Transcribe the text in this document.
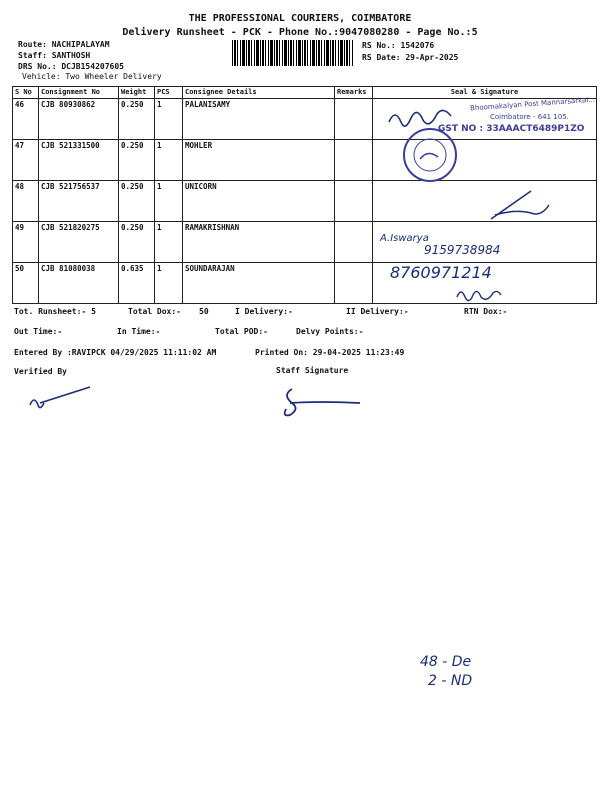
THE PROFESSIONAL COURIERS, COIMBATORE
Delivery Runsheet - PCK - Phone No.:9047080280 - Page No.:5
Route: NACHIPALAYAM
Staff: SANTHOSH
DRS No.: DCJB154207605
Vehicle: Two Wheeler Delivery
RS No.: 1542076
RS Date: 29-Apr-2025
S No	Consignment No	Weight	PCS	Consignee Details	Remarks	Seal & Signature
46	CJB 80930862	0.250	1	PALANISAMY		
47	CJB 521331500	0.250	1	MOHLER		
48	CJB 521756537	0.250	1	UNICORN		
49	CJB 521820275	0.250	1	RAMAKRISHNAN		
50	CJB 81080038	0.635	1	SOUNDARAJAN		
Bhoomakalyan Post Mannarsarkal...
Coimbatore - 641 105.
GST NO : 33AAACT6489P1ZO
A.Iswarya
9159738984
8760971214
Tot. Runsheet:- 5	Total Dox:- 50	I Delivery:-	II Delivery:-	RTN Dox:-
Out Time:-	In Time:-	Total POD:-	Delvy Points:-
Entered By :RAVIPCK 04/29/2025 11:11:02 AM	Printed On: 29-04-2025 11:23:49
Verified By	Staff Signature
48 - De
2 - ND
